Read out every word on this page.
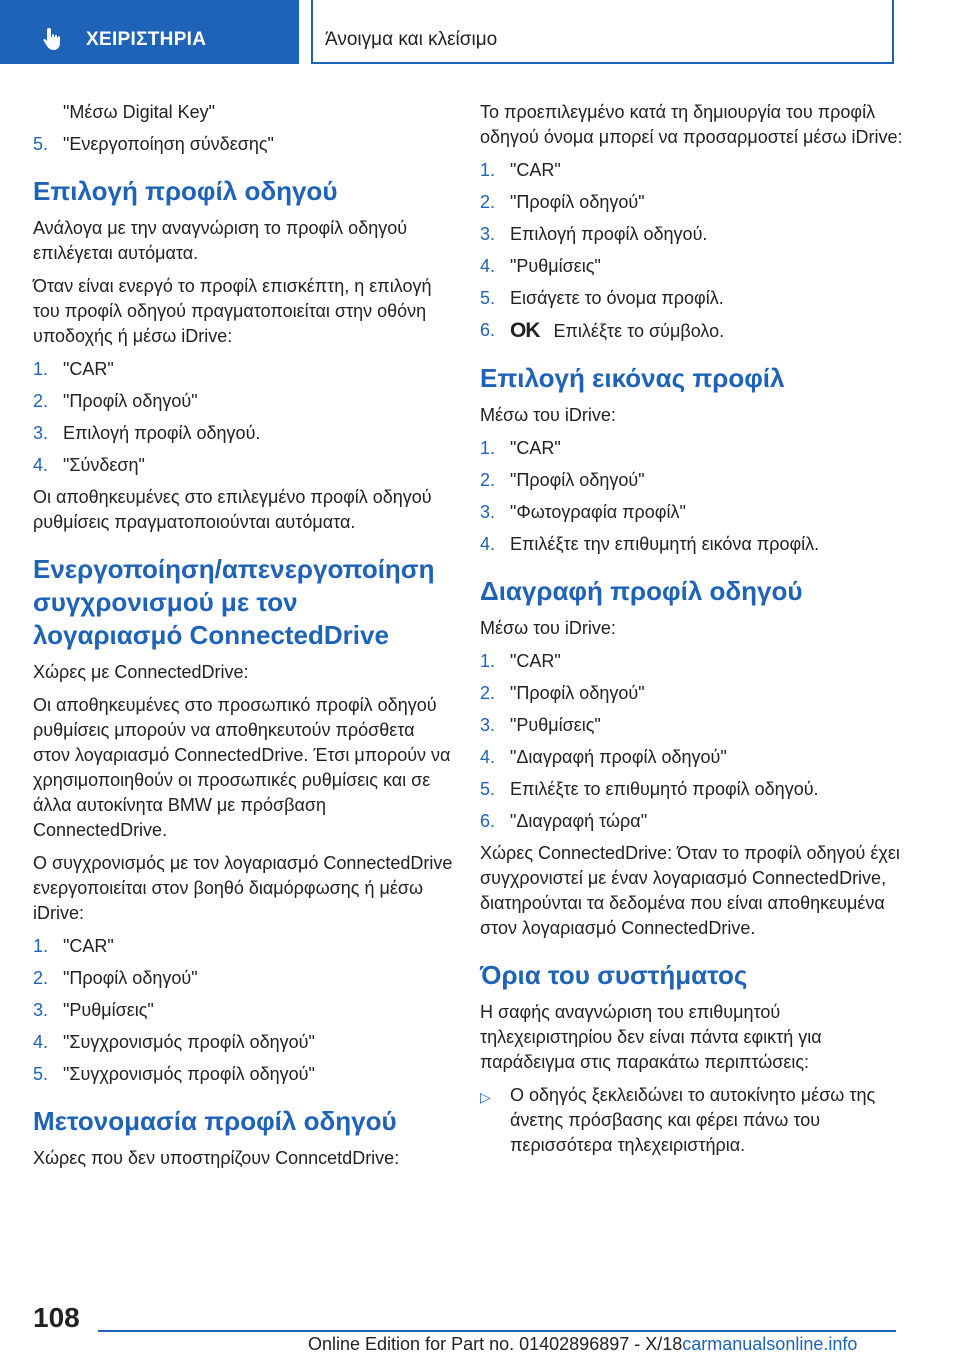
ΧΕΙΡΙΣΤΗΡΙΑ	Άνοιγμα και κλείσιμο
"Μέσω Digital Key"
5. "Ενεργοποίηση σύνδεσης"
Επιλογή προφίλ οδηγού

Ανάλογα με την αναγνώριση το προφίλ οδηγού επιλέγεται αυτόματα.

Όταν είναι ενεργό το προφίλ επισκέπτη, η επιλογή του προφίλ οδηγού πραγματοποιείται στην οθόνη υποδοχής ή μέσω iDrive:

1. "CAR"
2. "Προφίλ οδηγού"
3. Επιλογή προφίλ οδηγού.
4. "Σύνδεση"

Οι αποθηκευμένες στο επιλεγμένο προφίλ οδηγού ρυθμίσεις πραγματοποιούνται αυτόματα.

Ενεργοποίηση/απενεργοποίηση συγχρονισμού με τον λογαριασμό ConnectedDrive

Χώρες με ConnectedDrive:

Οι αποθηκευμένες στο προσωπικό προφίλ οδηγού ρυθμίσεις μπορούν να αποθηκευτούν πρόσθετα στον λογαριασμό ConnectedDrive. Έτσι μπορούν να χρησιμοποιηθούν οι προσωπικές ρυθμίσεις και σε άλλα αυτοκίνητα BMW με πρόσβαση ConnectedDrive.

Ο συγχρονισμός με τον λογαριασμό ConnectedDrive ενεργοποιείται στον βοηθό διαμόρφωσης ή μέσω iDrive:

1. "CAR"
2. "Προφίλ οδηγού"
3. "Ρυθμίσεις"
4. "Συγχρονισμός προφίλ οδηγού"
5. "Συγχρονισμός προφίλ οδηγού"
Μετονομασία προφίλ οδηγού

Χώρες που δεν υποστηρίζουν ConncetdDrive:

Το προεπιλεγμένο κατά τη δημιουργία του προφίλ οδηγού όνομα μπορεί να προσαρμοστεί μέσω iDrive:

1. "CAR"
2. "Προφίλ οδηγού"
3. Επιλογή προφίλ οδηγού.
4. "Ρυθμίσεις"
5. Εισάγετε το όνομα προφίλ.
6. OK Επιλέξτε το σύμβολο.
Επιλογή εικόνας προφίλ

Μέσω του iDrive:

1. "CAR"
2. "Προφίλ οδηγού"
3. "Φωτογραφία προφίλ"
4. Επιλέξτε την επιθυμητή εικόνα προφίλ.
Διαγραφή προφίλ οδηγού

Μέσω του iDrive:

1. "CAR"
2. "Προφίλ οδηγού"
3. "Ρυθμίσεις"
4. "Διαγραφή προφίλ οδηγού"
5. Επιλέξτε το επιθυμητό προφίλ οδηγού.
6. "Διαγραφή τώρα"

Χώρες ConnectedDrive: Όταν το προφίλ οδηγού έχει συγχρονιστεί με έναν λογαριασμό ConnectedDrive, διατηρούνται τα δεδομένα που είναι αποθηκευμένα στον λογαριασμό ConnectedDrive.

Όρια του συστήματος

Η σαφής αναγνώριση του επιθυμητού τηλεχειριστηρίου δεν είναι πάντα εφικτή για παράδειγμα στις παρακάτω περιπτώσεις:

▷	Ο οδηγός ξεκλειδώνει το αυτοκίνητο μέσω της άνετης πρόσβασης και φέρει πάνω του περισσότερα τηλεχειριστήρια.
108
Online Edition for Part no. 01402896897 - X/18carmanualsonline.info
